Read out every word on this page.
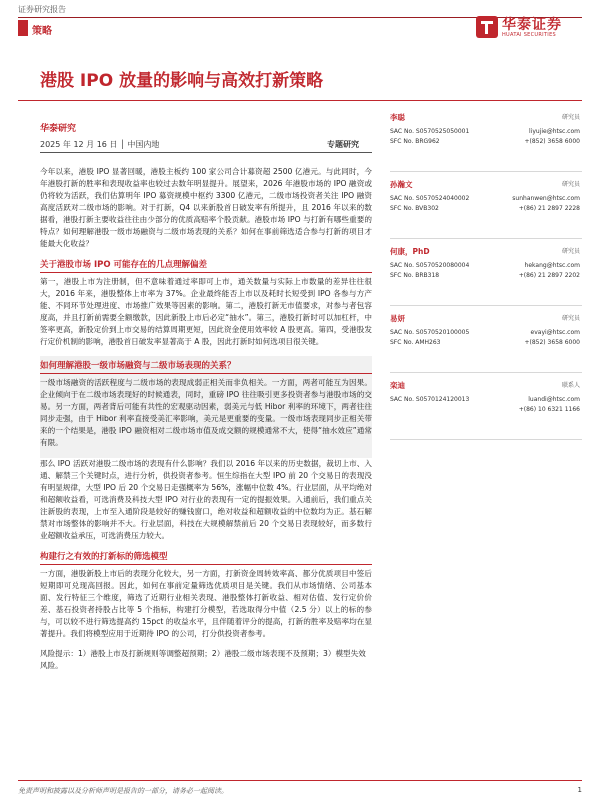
证券研究报告
策略	华泰证券
HUATAI SECURITIES
港股 IPO 放量的影响与高效打新策略
华泰研究
2025 年 12 月 16 日 │ 中国内地	专题研究

今年以来，港股 IPO 显著回暖，港股主板约 100 家公司合计募资超 2500 亿港元。与此同时，今年港股打新的胜率和表现收益率也较过去数年明显提升。展望来，2026 年港股市场的 IPO 融资或仍将较为活跃，我们估算明年 IPO 募资规模中枢约 3300 亿港元，二级市场投资者关注 IPO 融资高度活跃对二级市场的影响。对于打新，Q4 以来新股首日破发率有所提升，且 2016 年以来的数据看，港股打新主要收益往往由少部分的优质高赔率个股贡献。港股市场 IPO 与打新有哪些重要的特点？如何理解港股一级市场融资与二级市场表现的关系？如何在事前筛选适合参与打新的项目才能最大化收益？

关于港股市场 IPO 可能存在的几点理解偏差

第一，港股上市为注册制，但不意味着通过率即可上市，通关数量与实际上市数量的差异往往很大，2016 年来，港股整体上市率为 37%。企业最终能否上市以及耗时长短受到 IPO 各参与方产能、不同环节处理进度、市场推广效果等因素的影响。第二，港股打新无市值要求，对参与者包容度高，并且打新前需要全额缴款，因此新股上市后必定“抽水”。第三，港股打新时可以加杠杆，中签率更高，新股定价到上市交易的结算周期更短，因此资金使用效率较 A 股更高。第四，受港股发行定价机制的影响，港股首日破发率显著高于 A 股，因此打新时如何选项目很关键。

如何理解港股一级市场融资与二级市场表现的关系？

一级市场融资的活跃程度与二级市场的表现成弱正相关而非负相关。一方面，两者可能互为因果。企业倾向于在二级市场表现好的时候通表，同时，重磅 IPO 往往吸引更多投资者参与港股市场的交易。另一方面，两者背后可能有共性的宏观驱动因素，弱美元与低 Hibor 利率的环境下，两者往往同步走强，由于 Hibor 利率直接受美汇率影响，美元是更重要的变量。一级市场表现同步正相关带来的一个结果是，港股 IPO 融资相对二级市场市值及成交额的规模通常不大，使得“抽水效应”通常有限。

那么 IPO 活跃对港股二级市场的表现有什么影响？我们以 2016 年以来的历史数据，裁切上市、入通、解禁三个关键时点，进行分析，供投资者参考。恒生综指在大型 IPO 前 20 个交易日的表现没有明显规律，大型 IPO 后 20 个交易日走强概率为 56%，涨幅中位数 4%。行业层面，从平均绝对和超额收益看，可选消费及科技大型 IPO 对行业的表现有一定的提振效果。入通前后，我们重点关注新股的表现，上市至入通阶段是较好的赚钱窗口，绝对收益和超额收益的中位数均为正。基石解禁对市场整体的影响并不大。行业层面，科技在大规模解禁前后 20 个交易日表现较好，而多数行业超额收益承压，可选消费压力较大。

构建行之有效的打新标的筛选模型

一方面，港股新股上市后的表现分化较大，另一方面，打新资金周转效率高、都分优质项目中签后短期即可兑现高回报。因此，如何在事前定量筛选优质项目是关键。我们从市场情绪、公司基本面、发行特征三个维度，筛选了近期行业相关表现、港股整体打新收益、相对估值、发行定价价差、基石投资者持股占比等 5 个指标，构建打分模型，若选取得分中值（2.5 分）以上的标的参与，可以较不进行筛选提高约 15pct 的收益水平，且伴随着评分的提高，打新的胜率及赔率均在显著提升。我们将模型应用于近期待 IPO 的公司，打分供投资者参考。

风险提示：1）港股上市及打新规则等调整超预期；2）港股二级市场表现不及预期；3）模型失效风险。

李聪	研究员
SAC No. S0570525050001
SFC No. BRG962
liyujie@htsc.com
+(852) 3658 6000
孙瀚文	研究员
SAC No. S0570524040002
SFC No. BVB302
sunhanwen@htsc.com
+(86) 21 2897 2228
何康，PhD	研究员
SAC No. S0570520080004
SFC No. BRB318
hekang@htsc.com
+(86) 21 2897 2202
易妍	研究员
SAC No. S0570520100005
SFC No. AMH263
evayi@htsc.com
+(852) 3658 6000
栾迪	联系人
SAC No. S0570124120013	luandi@htsc.com
+(86) 10 6321 1166
免责声明和披露以及分析师声明是报告的一部分，请务必一起阅读。	1
